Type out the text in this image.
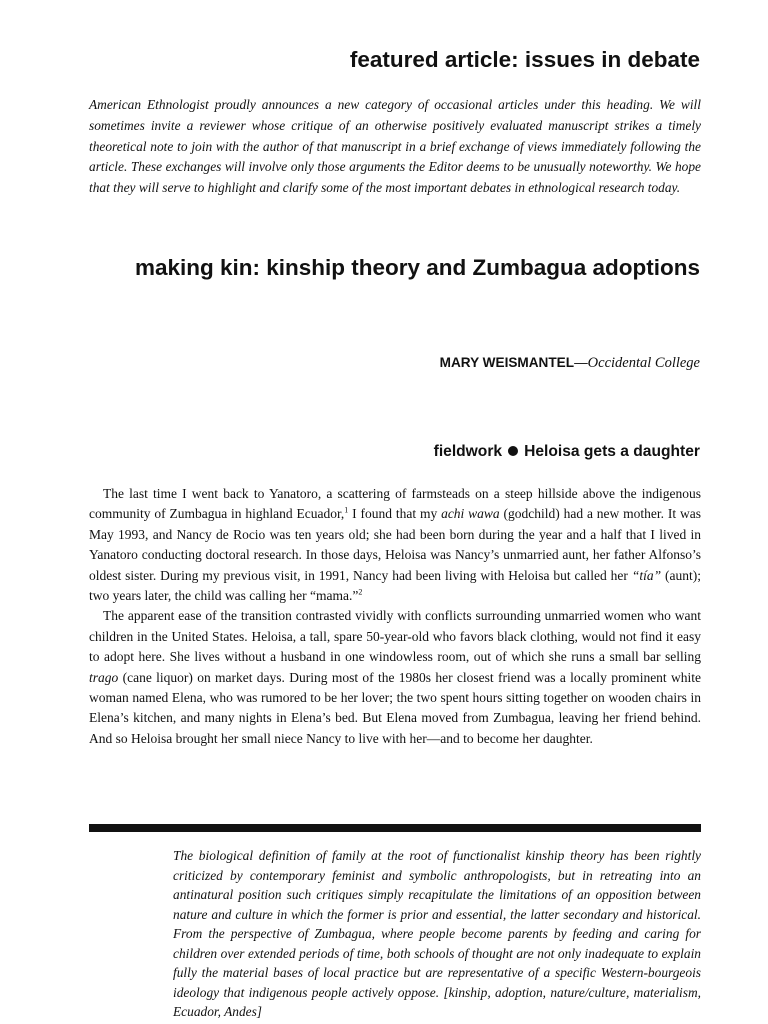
featured article: issues in debate
American Ethnologist proudly announces a new category of occasional articles under this heading. We will sometimes invite a reviewer whose critique of an otherwise positively evaluated manuscript strikes a timely theoretical note to join with the author of that manuscript in a brief exchange of views immediately following the article. These exchanges will involve only those arguments the Editor deems to be unusually noteworthy. We hope that they will serve to highlight and clarify some of the most important debates in ethnological research today.
making kin: kinship theory and Zumbagua adoptions
MARY WEISMANTEL—Occidental College
fieldwork Heloisa gets a daughter

The last time I went back to Yanatoro, a scattering of farmsteads on a steep hillside above the indigenous community of Zumbagua in highland Ecuador,$^1$ I found that my achi wawa (godchild) had a new mother. It was May 1993, and Nancy de Rocio was ten years old; she had been born during the year and a half that I lived in Yanatoro conducting doctoral research. In those days, Heloisa was Nancy’s unmarried aunt, her father Alfonso’s oldest sister. During my previous visit, in 1991, Nancy had been living with Heloisa but called her “tía” (aunt); two years later, the child was calling her “mama.”$^2$

The apparent ease of the transition contrasted vividly with conflicts surrounding unmarried women who want children in the United States. Heloisa, a tall, spare 50-year-old who favors black clothing, would not find it easy to adopt here. She lives without a husband in one windowless room, out of which she runs a small bar selling trago (cane liquor) on market days. During most of the 1980s her closest friend was a locally prominent white woman named Elena, who was rumored to be her lover; the two spent hours sitting together on wooden chairs in Elena’s kitchen, and many nights in Elena’s bed. But Elena moved from Zumbagua, leaving her friend behind. And so Heloisa brought her small niece Nancy to live with her—and to become her daughter.

The biological definition of family at the root of functionalist kinship theory has been rightly criticized by contemporary feminist and symbolic anthropologists, but in retreating into an antinatural position such critiques simply recapitulate the limitations of an opposition between nature and culture in which the former is prior and essential, the latter secondary and historical. From the perspective of Zumbagua, where people become parents by feeding and caring for children over extended periods of time, both schools of thought are not only inadequate to explain fully the material bases of local practice but are representative of a specific Western-bourgeois ideology that indigenous people actively oppose. [kinship, adoption, nature/culture, materialism, Ecuador, Andes]
